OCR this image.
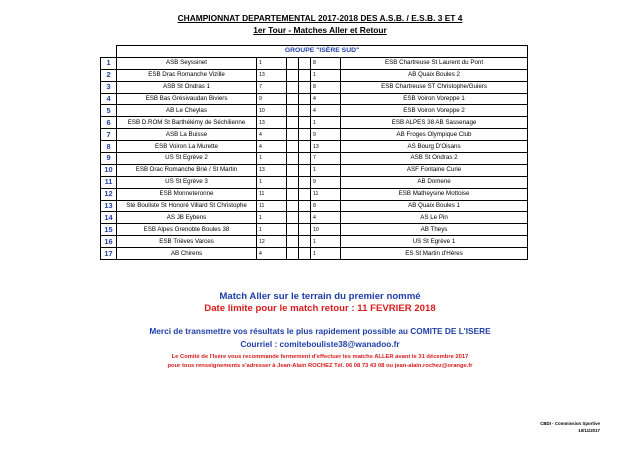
CHAMPIONNAT DEPARTEMENTAL 2017-2018 DES A.S.B. / E.S.B. 3 ET 4
1er Tour - Matches Aller et Retour
	GROUPE "ISÈRE SUD"					
1	ASB Seyssinet	1			8	ESB Chartreuse St Laurent du Pont
2	ESB Drac Romanche Vizille	13			1	AB Quaix Boules 2
3	ASB St Ondras 1	7			8	ESB Chartreuse ST Christophe/Guiers
4	ESB Bas Grésivaudan Biviers	9			4	ESB Voiron Voreppe 1
5	AB Le Cheylas	10			4	ESB Voiron Voreppe 2
6	ESB D.ROM St Barthélémy de Séchilienne	13			1	ESB ALPES 38 AB Sassenage
7	ASB La Buisse	4			9	AB Froges Olympique Club
8	ESB Voiron La Murette	4			13	AS Bourg D'Oisans
9	US St Egrève 2	1			7	ASB St Ondras 2
10	ESB Drac Romanche Brié / St Martin	13			1	ASF Fontaine Curie
11	US St Egrève 3	1			9	AB Domene
12	ESB Monneteronne	11			11	ESB Matheysine Mottoise
13	Sté Bouliste St Honoré Villard St Christophe	11			8	AB Quaix Boules 1
14	AS JB Eybens	1			4	AS Le Pin
15	ESB Alpes Grenoble Boules 38	1			10	AB Theys
16	ESB Trièves Varces	12			1	US St Egrève 1
17	AB Chirens	4			1	ES St Martin d'Hères
Match Aller sur le terrain du premier nommé
Date limite pour le match retour : 11 FEVRIER 2018
Merci de transmettre vos résultats le plus rapidement possible au COMITE DE L'ISERE
Courriel : comitebouliste38@wanadoo.fr
Le Comité de l'Isère vous recommande fermement d'effectuer les matchs ALLER avant le 31 décembre 2017
pour tous renseignements s'adresser à Jean-Alain ROCHEZ Tél. 06 08 73 43 08 ou jean-alain.rochez@orange.fr
CBDI - Commission Sportive
10/11/2017
